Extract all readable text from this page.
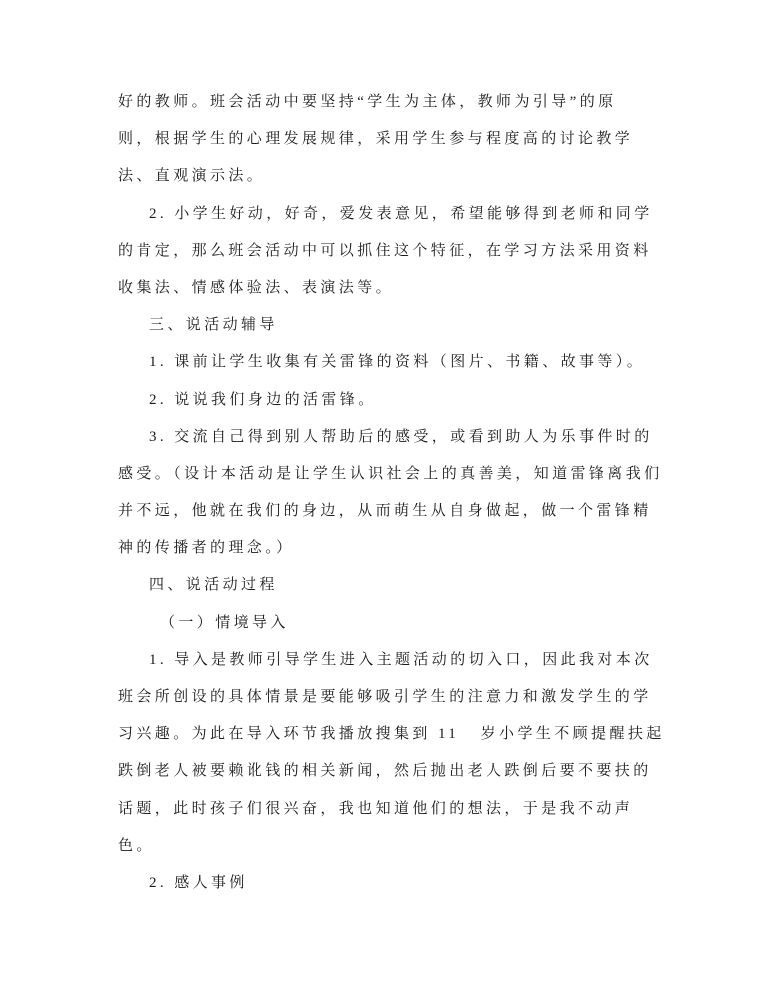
好的教师。班会活动中要坚持“学生为主体，教师为引导”的原
则，根据学生的心理发展规律，采用学生参与程度高的讨论教学
法、直观演示法。
2. 小学生好动，好奇，爱发表意见，希望能够得到老师和同学
的肯定，那么班会活动中可以抓住这个特征，在学习方法采用资料
收集法、情感体验法、表演法等。
三、说活动辅导
1. 课前让学生收集有关雷锋的资料（图片、书籍、故事等）。
2. 说说我们身边的活雷锋。
3. 交流自己得到别人帮助后的感受，或看到助人为乐事件时的
感受。（设计本活动是让学生认识社会上的真善美，知道雷锋离我们
并不远，他就在我们的身边，从而萌生从自身做起，做一个雷锋精
神的传播者的理念。）
四、说活动过程
（一）情境导入
1. 导入是教师引导学生进入主题活动的切入口，因此我对本次
班会所创设的具体情景是要能够吸引学生的注意力和激发学生的学
习兴趣。为此在导入环节我播放搜集到 11   岁小学生不顾提醒扶起
跌倒老人被要赖讹钱的相关新闻，然后抛出老人跌倒后要不要扶的
话题，此时孩子们很兴奋，我也知道他们的想法，于是我不动声
色。
2. 感人事例
